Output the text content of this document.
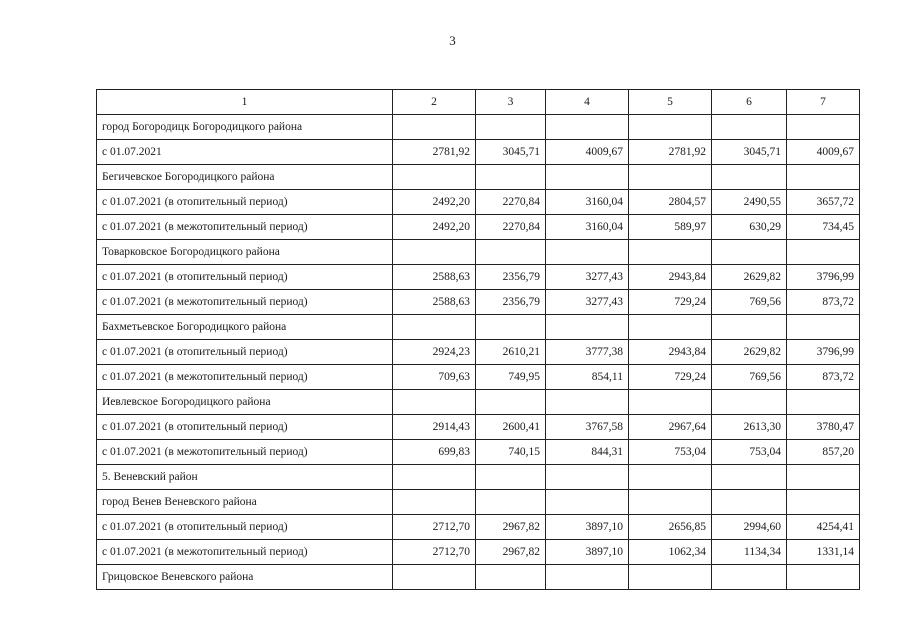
3
1	2	3	4	5	6	7
город Богородицк Богородицкого района						
с 01.07.2021	2781,92	3045,71	4009,67	2781,92	3045,71	4009,67
Бегичевское Богородицкого района						
с 01.07.2021 (в отопительный период)	2492,20	2270,84	3160,04	2804,57	2490,55	3657,72
с 01.07.2021 (в межотопительный период)	2492,20	2270,84	3160,04	589,97	630,29	734,45
Товарковское Богородицкого района						
с 01.07.2021 (в отопительный период)	2588,63	2356,79	3277,43	2943,84	2629,82	3796,99
с 01.07.2021 (в межотопительный период)	2588,63	2356,79	3277,43	729,24	769,56	873,72
Бахметьевское Богородицкого района						
с 01.07.2021 (в отопительный период)	2924,23	2610,21	3777,38	2943,84	2629,82	3796,99
с 01.07.2021 (в межотопительный период)	709,63	749,95	854,11	729,24	769,56	873,72
Иевлевское Богородицкого района						
с 01.07.2021 (в отопительный период)	2914,43	2600,41	3767,58	2967,64	2613,30	3780,47
с 01.07.2021 (в межотопительный период)	699,83	740,15	844,31	753,04	753,04	857,20
5. Веневский район						
город Венев Веневского района						
с 01.07.2021 (в отопительный период)	2712,70	2967,82	3897,10	2656,85	2994,60	4254,41
с 01.07.2021 (в межотопительный период)	2712,70	2967,82	3897,10	1062,34	1134,34	1331,14
Грицовское Веневского района						
